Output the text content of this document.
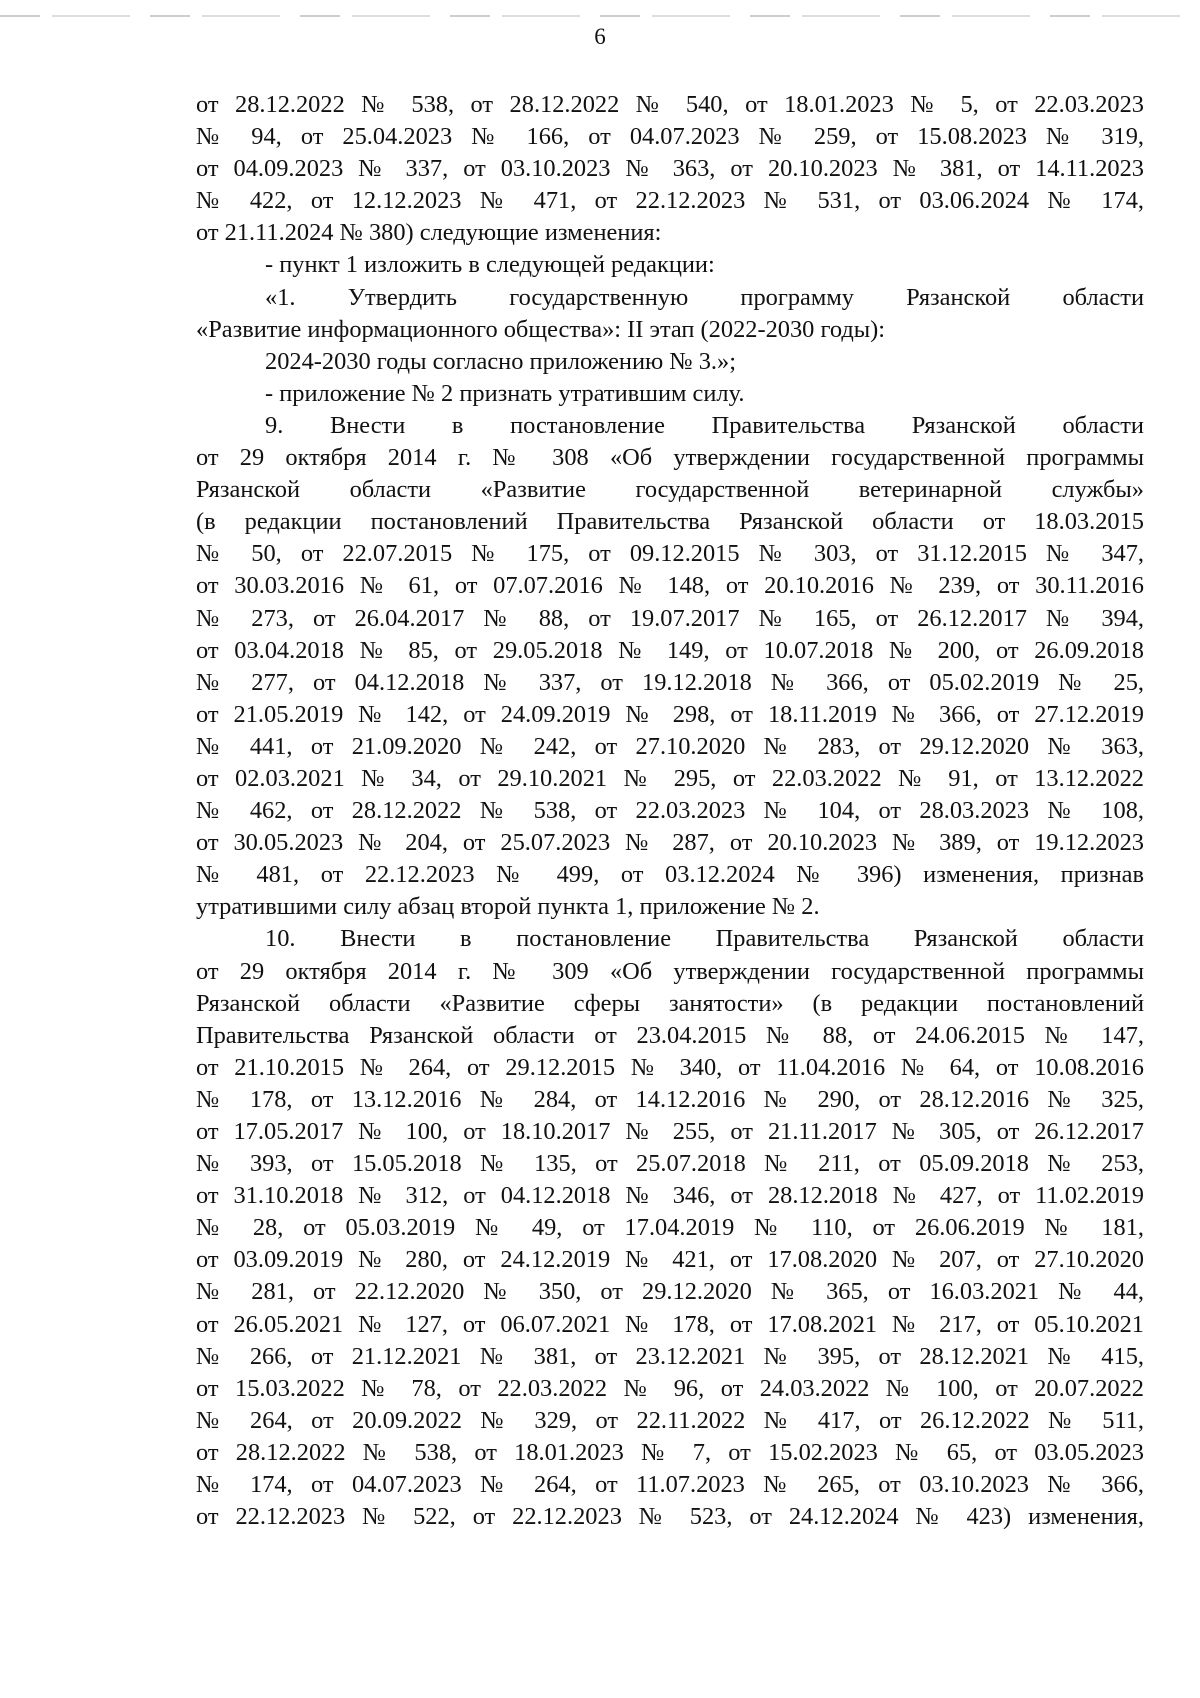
6

от 28.12.2022 № 538, от 28.12.2022 № 540, от 18.01.2023 № 5, от 22.03.2023

№ 94, от 25.04.2023 № 166, от 04.07.2023 № 259, от 15.08.2023 № 319,

от 04.09.2023 № 337, от 03.10.2023 № 363, от 20.10.2023 № 381, от 14.11.2023

№ 422, от 12.12.2023 № 471, от 22.12.2023 № 531, от 03.06.2024 № 174,

от 21.11.2024 № 380) следующие изменения:

- пункт 1 изложить в следующей редакции:

«1. Утвердить государственную программу Рязанской области

«Развитие информационного общества»: II этап (2022-2030 годы):

2024-2030 годы согласно приложению № 3.»;

- приложение № 2 признать утратившим силу.

9. Внести в постановление Правительства Рязанской области

от 29 октября 2014 г. № 308 «Об утверждении государственной программы

Рязанской области «Развитие государственной ветеринарной службы»

(в редакции постановлений Правительства Рязанской области от 18.03.2015

№ 50, от 22.07.2015 № 175, от 09.12.2015 № 303, от 31.12.2015 № 347,

от 30.03.2016 № 61, от 07.07.2016 № 148, от 20.10.2016 № 239, от 30.11.2016

№ 273, от 26.04.2017 № 88, от 19.07.2017 № 165, от 26.12.2017 № 394,

от 03.04.2018 № 85, от 29.05.2018 № 149, от 10.07.2018 № 200, от 26.09.2018

№ 277, от 04.12.2018 № 337, от 19.12.2018 № 366, от 05.02.2019 № 25,

от 21.05.2019 № 142, от 24.09.2019 № 298, от 18.11.2019 № 366, от 27.12.2019

№ 441, от 21.09.2020 № 242, от 27.10.2020 № 283, от 29.12.2020 № 363,

от 02.03.2021 № 34, от 29.10.2021 № 295, от 22.03.2022 № 91, от 13.12.2022

№ 462, от 28.12.2022 № 538, от 22.03.2023 № 104, от 28.03.2023 № 108,

от 30.05.2023 № 204, от 25.07.2023 № 287, от 20.10.2023 № 389, от 19.12.2023

№ 481, от 22.12.2023 № 499, от 03.12.2024 № 396) изменения, признав

утратившими силу абзац второй пункта 1, приложение № 2.

10. Внести в постановление Правительства Рязанской области

от 29 октября 2014 г. № 309 «Об утверждении государственной программы

Рязанской области «Развитие сферы занятости» (в редакции постановлений

Правительства Рязанской области от 23.04.2015 № 88, от 24.06.2015 № 147,

от 21.10.2015 № 264, от 29.12.2015 № 340, от 11.04.2016 № 64, от 10.08.2016

№ 178, от 13.12.2016 № 284, от 14.12.2016 № 290, от 28.12.2016 № 325,

от 17.05.2017 № 100, от 18.10.2017 № 255, от 21.11.2017 № 305, от 26.12.2017

№ 393, от 15.05.2018 № 135, от 25.07.2018 № 211, от 05.09.2018 № 253,

от 31.10.2018 № 312, от 04.12.2018 № 346, от 28.12.2018 № 427, от 11.02.2019

№ 28, от 05.03.2019 № 49, от 17.04.2019 № 110, от 26.06.2019 № 181,

от 03.09.2019 № 280, от 24.12.2019 № 421, от 17.08.2020 № 207, от 27.10.2020

№ 281, от 22.12.2020 № 350, от 29.12.2020 № 365, от 16.03.2021 № 44,

от 26.05.2021 № 127, от 06.07.2021 № 178, от 17.08.2021 № 217, от 05.10.2021

№ 266, от 21.12.2021 № 381, от 23.12.2021 № 395, от 28.12.2021 № 415,

от 15.03.2022 № 78, от 22.03.2022 № 96, от 24.03.2022 № 100, от 20.07.2022

№ 264, от 20.09.2022 № 329, от 22.11.2022 № 417, от 26.12.2022 № 511,

от 28.12.2022 № 538, от 18.01.2023 № 7, от 15.02.2023 № 65, от 03.05.2023

№ 174, от 04.07.2023 № 264, от 11.07.2023 № 265, от 03.10.2023 № 366,

от 22.12.2023 № 522, от 22.12.2023 № 523, от 24.12.2024 № 423) изменения,
